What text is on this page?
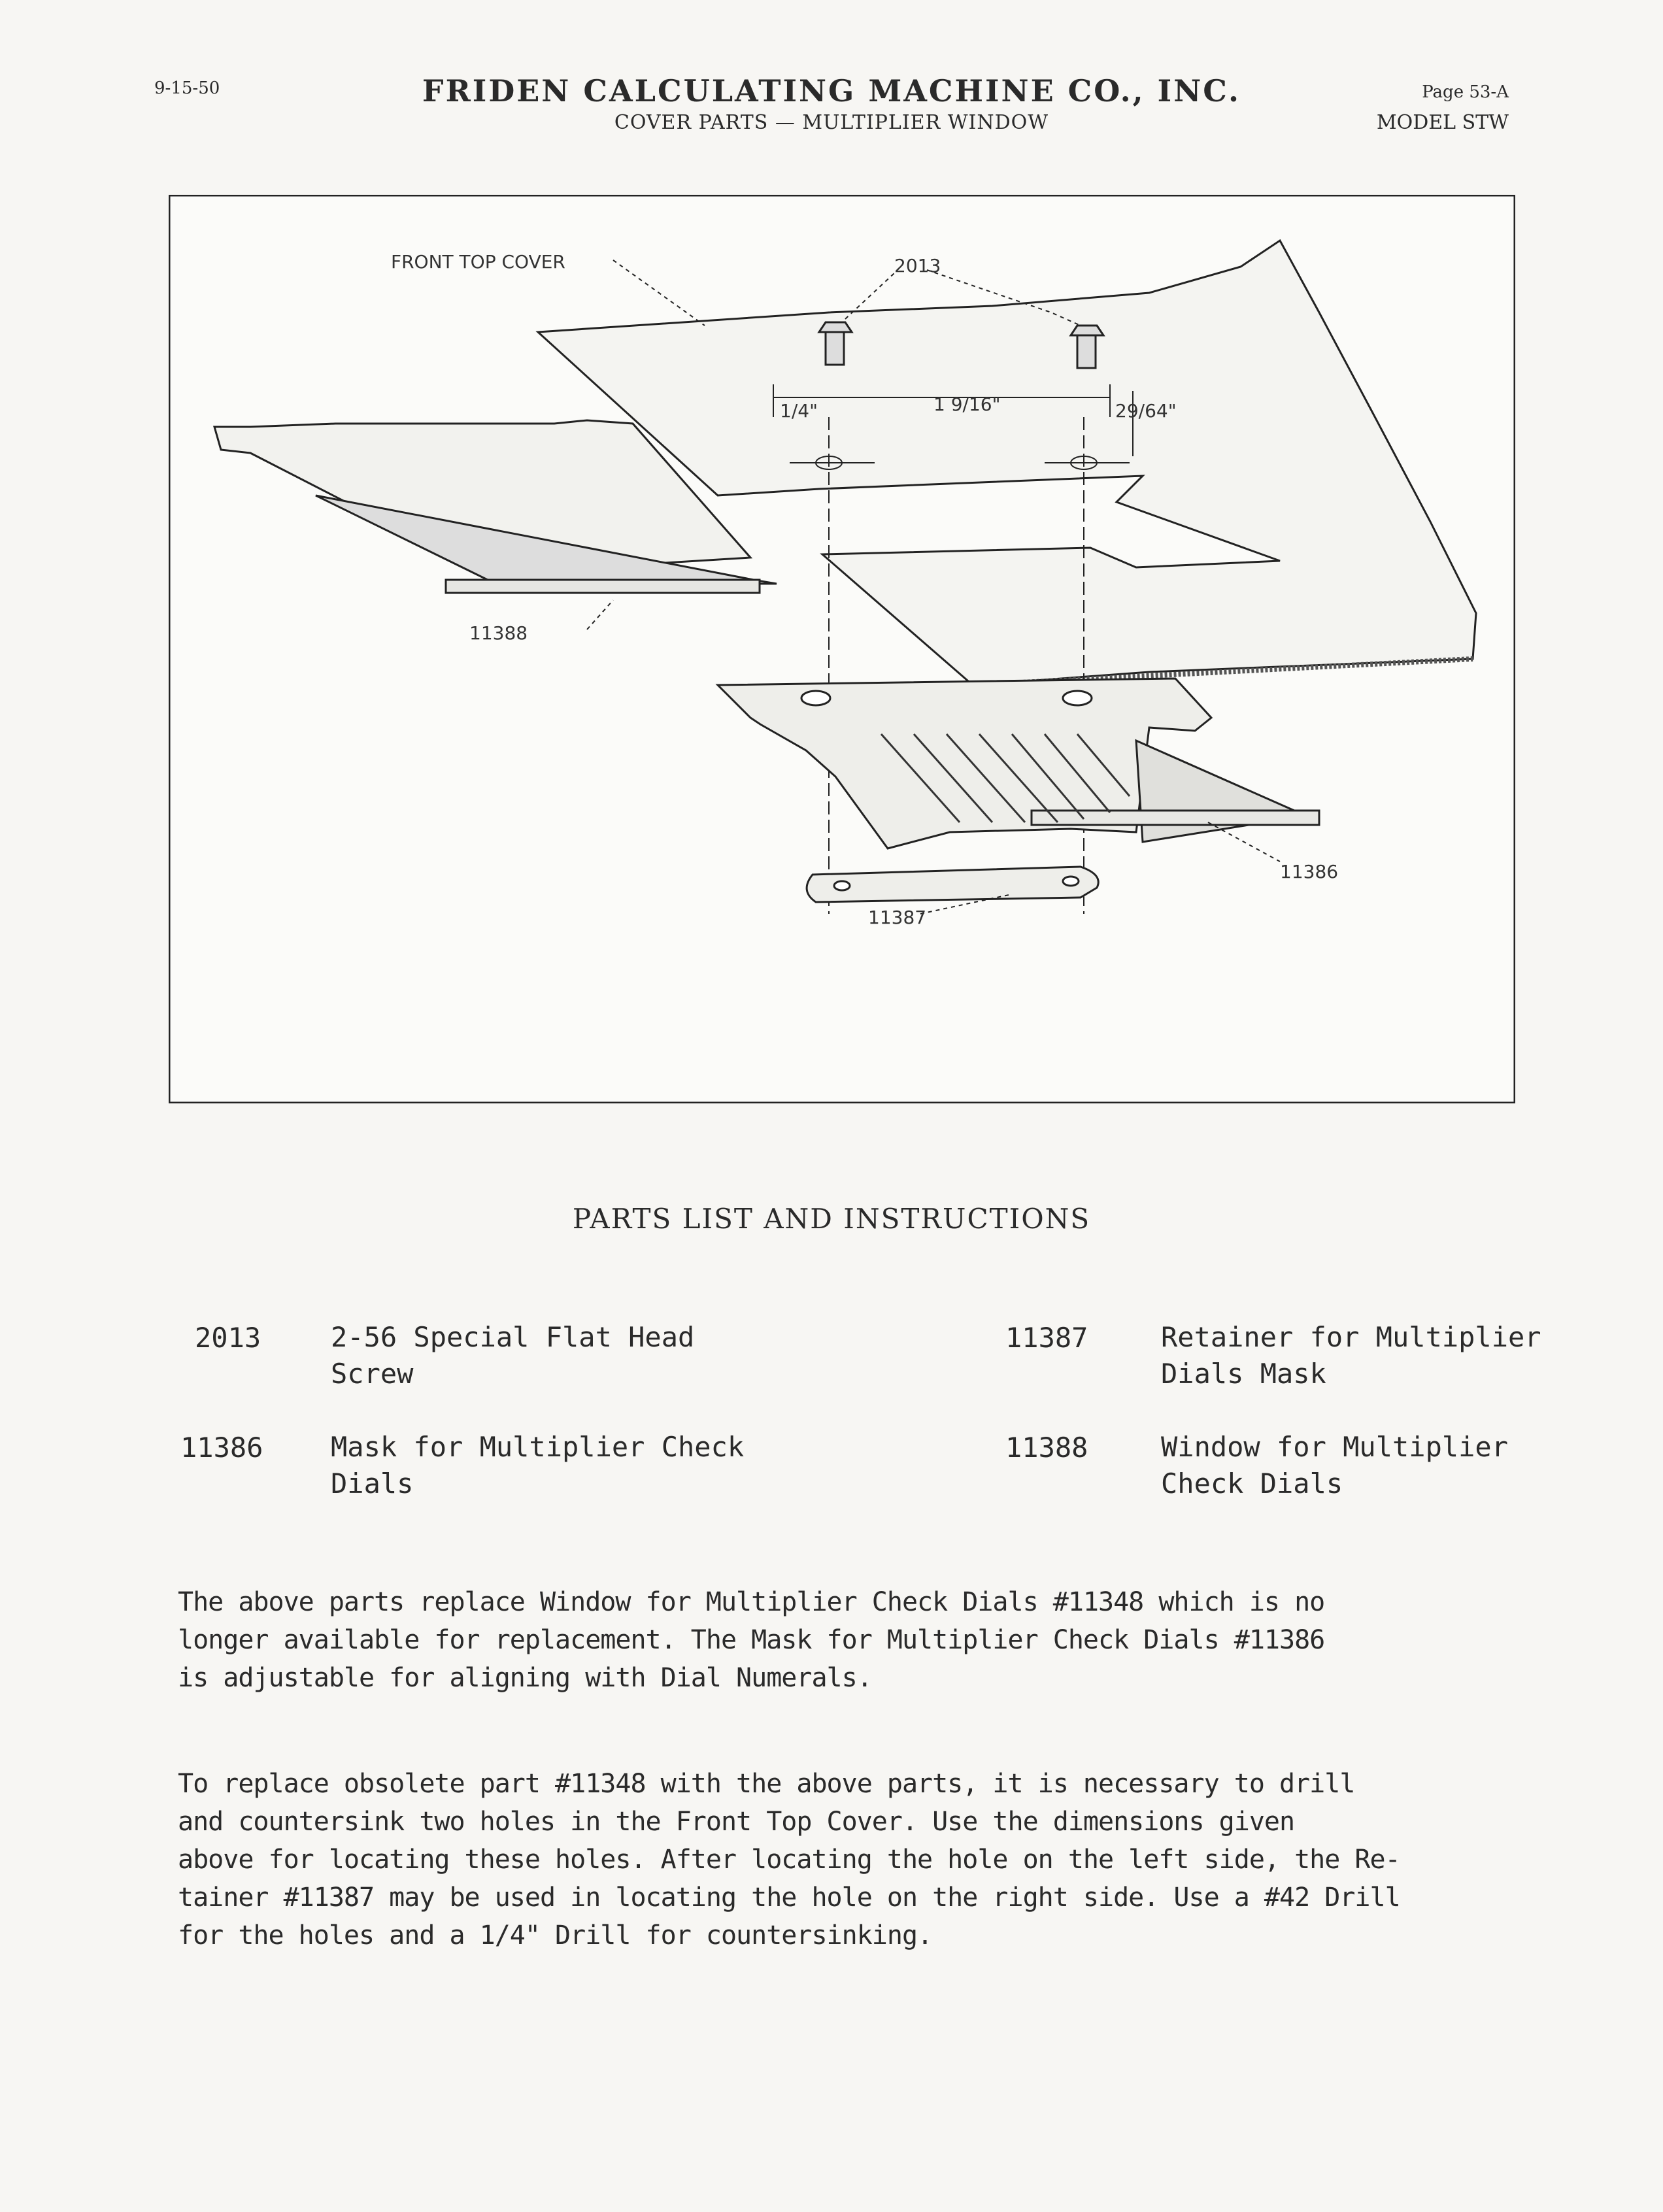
9-15-50	FRIDEN CALCULATING MACHINE CO., INC.
COVER PARTS — MULTIPLIER WINDOW
Page 53-A
MODEL STW
FRONT TOP COVER	2013
11388
11386
11387
1/4"	1 9/16"	29/64"
PARTS LIST AND INSTRUCTIONS
2013	2-56 Special Flat Head
Screw
11387	Retainer for Multiplier
Dials Mask
11386 Mask for Multiplier Check
Dials
11388	Window for Multiplier
Check Dials
The above parts replace Window for Multiplier Check Dials #11348 which is no
longer available for replacement. The Mask for Multiplier Check Dials #11386
is adjustable for aligning with Dial Numerals.
To replace obsolete part #11348 with the above parts, it is necessary to drill
and countersink two holes in the Front Top Cover. Use the dimensions given
above for locating these holes. After locating the hole on the left side, the Re-
tainer #11387 may be used in locating the hole on the right side. Use a #42 Drill
for the holes and a 1/4" Drill for countersinking.
